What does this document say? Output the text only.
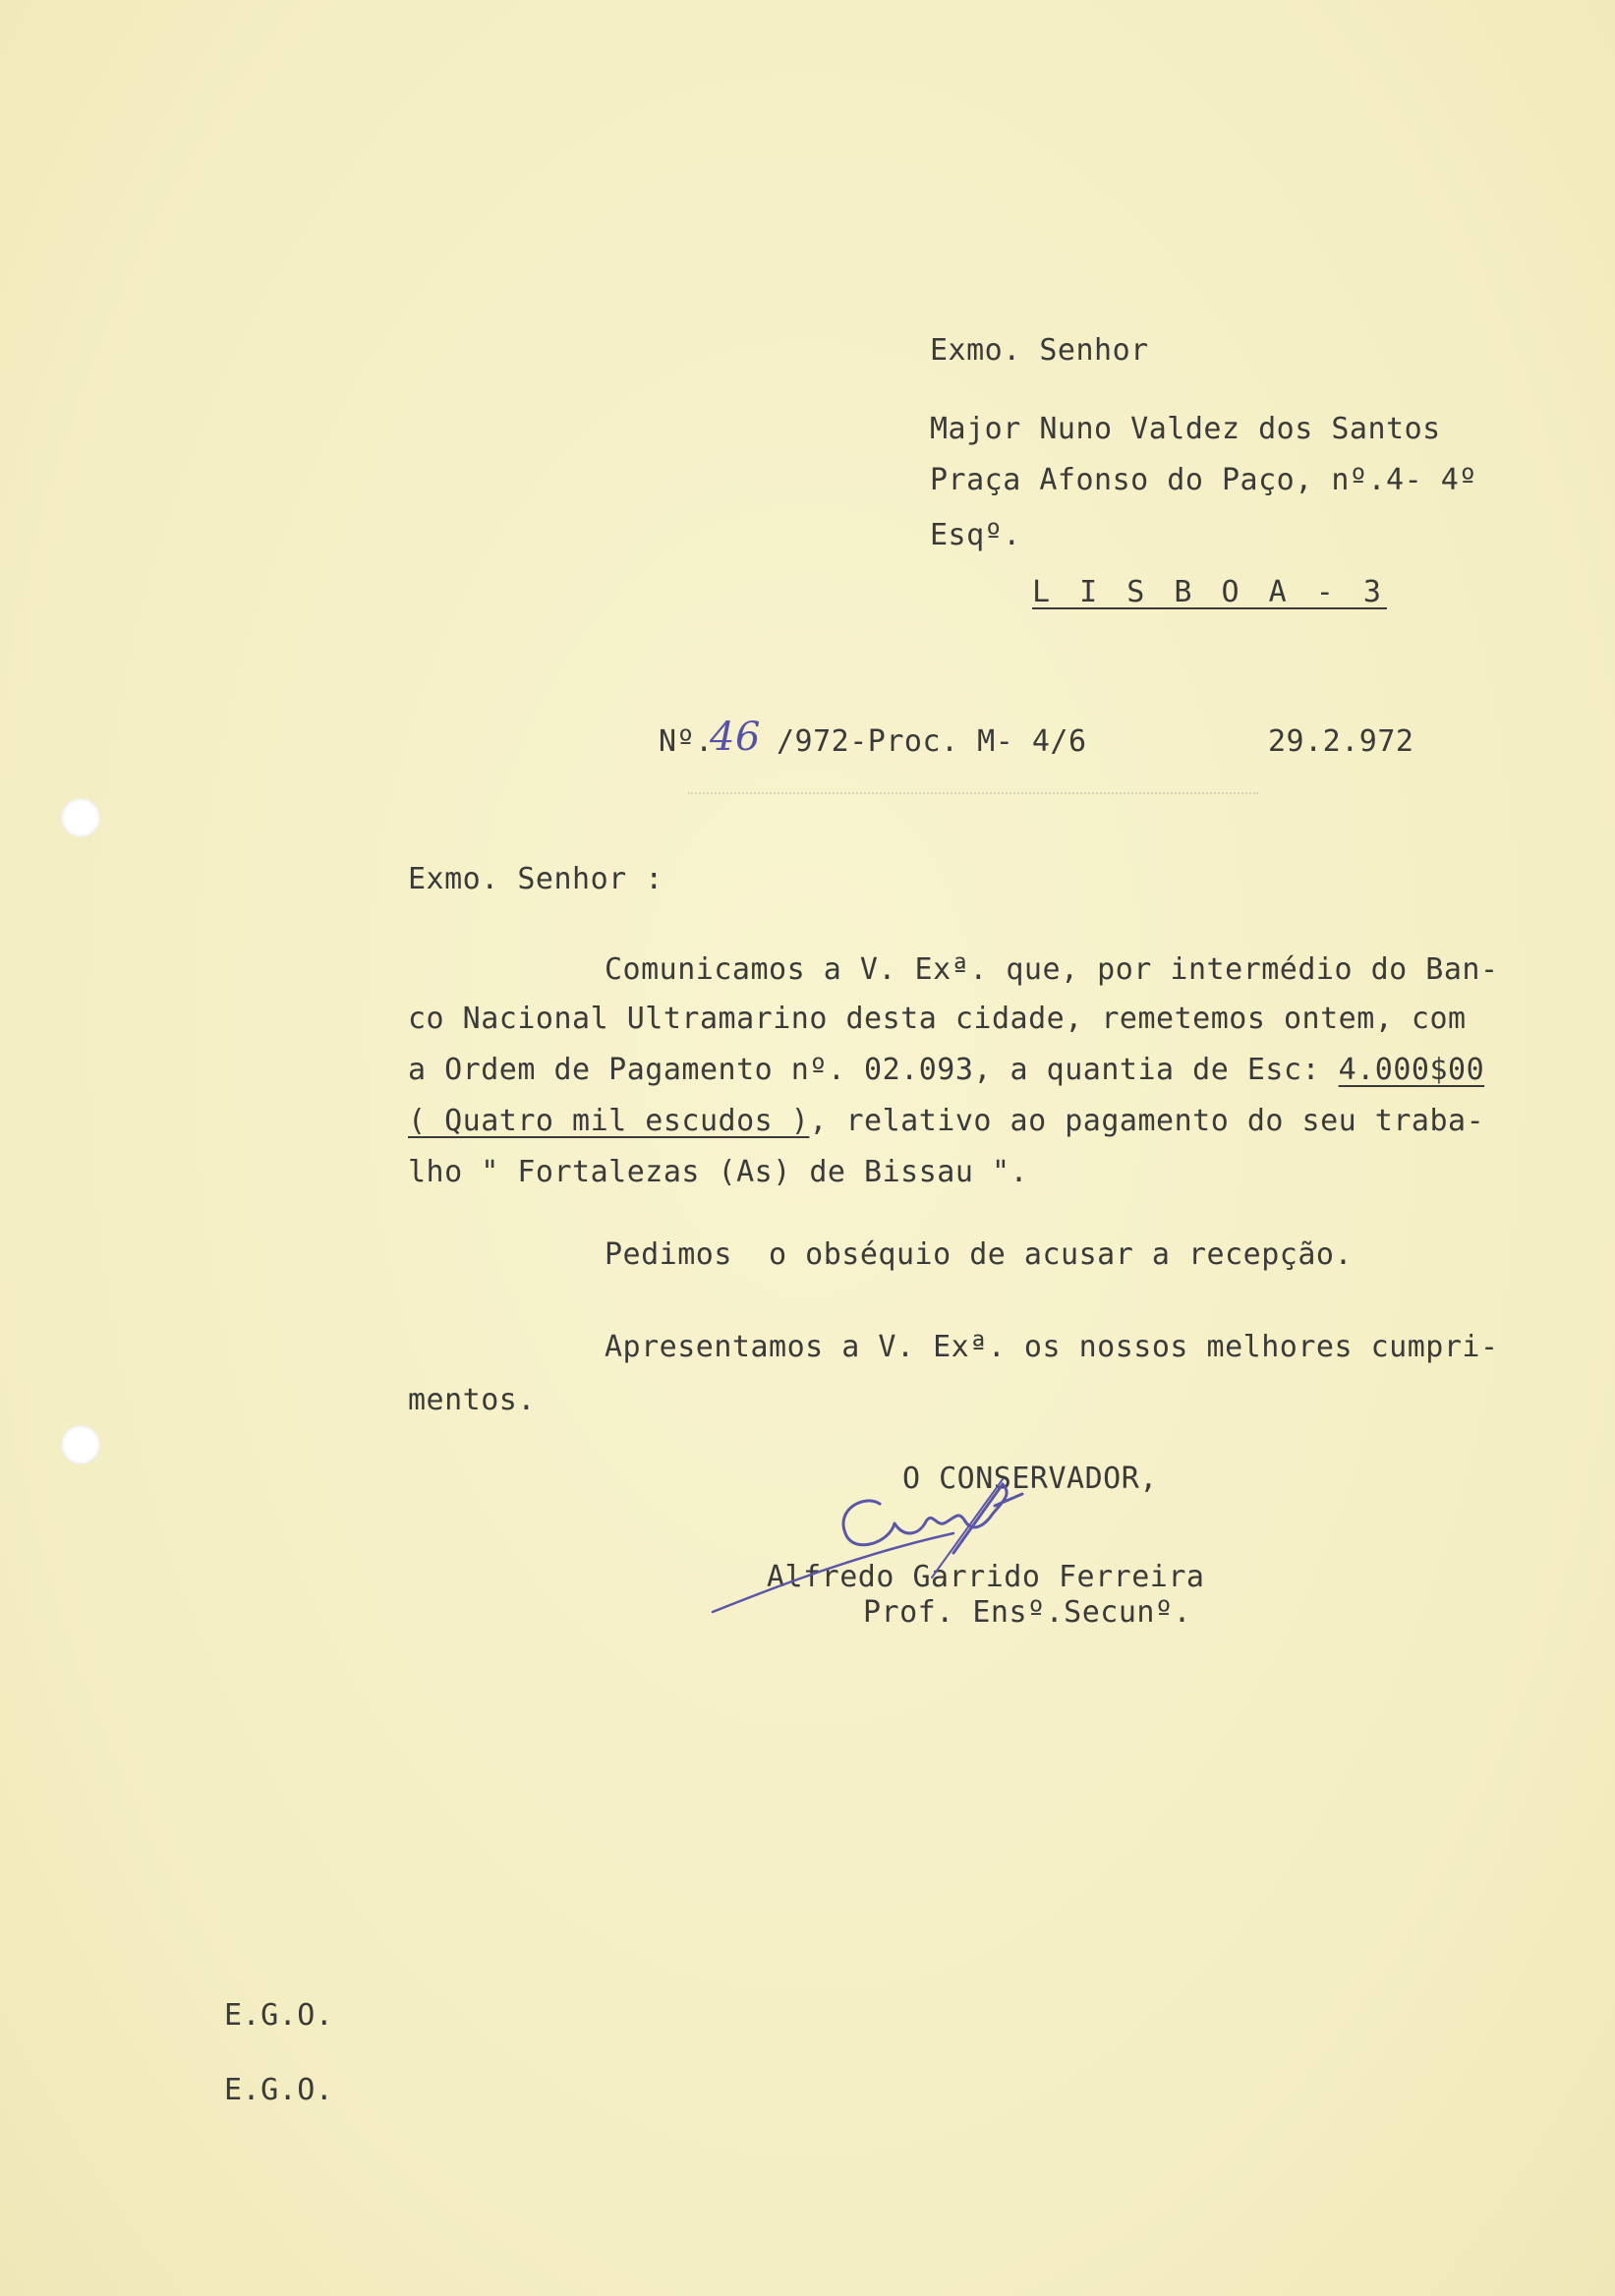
Exmo. Senhor
Major Nuno Valdez dos Santos
Praça Afonso do Paço, nº.4- 4º
Esqº.
L I S B O A - 3
Nº.
46 /972-Proc. M- 4/6	29.2.972
Exmo. Senhor :
Comunicamos a V. Exª. que, por intermédio do Ban-
co Nacional Ultramarino desta cidade, remetemos ontem, com
a Ordem de Pagamento nº. 02.093, a quantia de Esc: 4.000$00
( Quatro mil escudos ), relativo ao pagamento do seu traba-
lho " Fortalezas (As) de Bissau ".
Pedimos  o obséquio de acusar a recepção.
Apresentamos a V. Exª. os nossos melhores cumpri-
mentos.
O CONSERVADOR,
Alfredo Garrido Ferreira
Prof. Ensº.Secunº.
E.G.O.
E.G.O.
